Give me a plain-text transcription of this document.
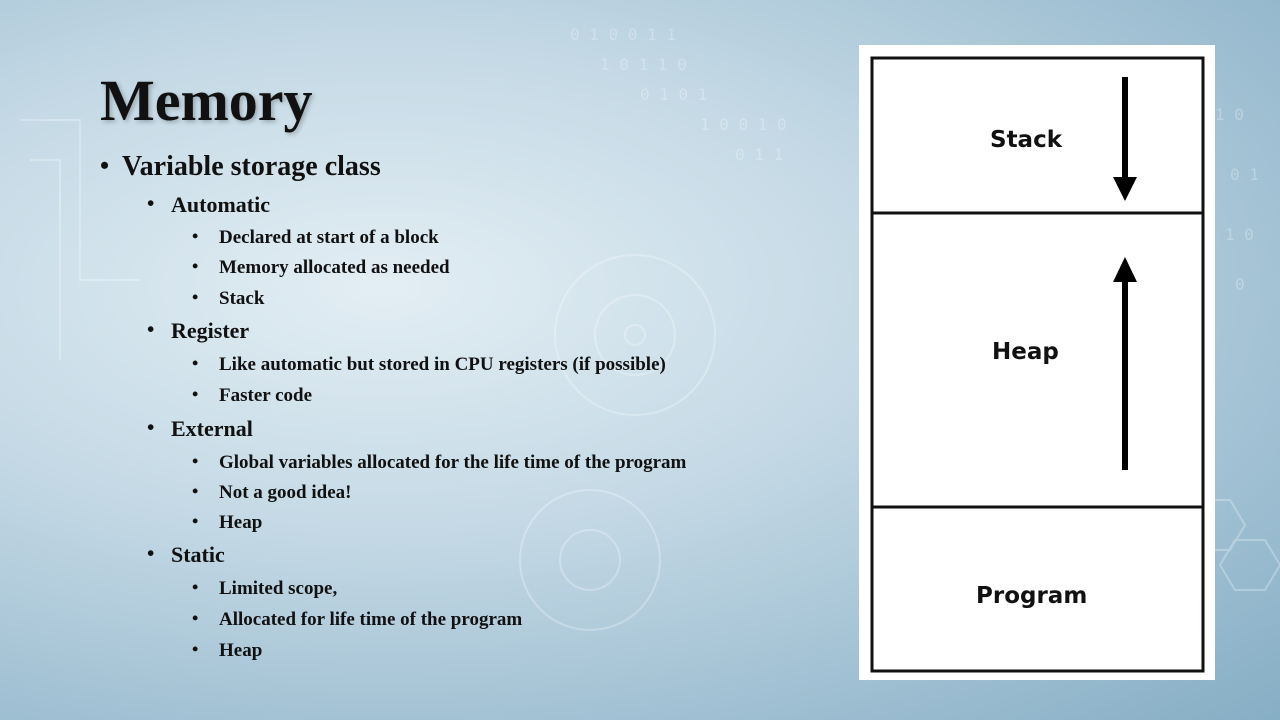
0 1 0 0 1 1
1 0 1 1 0
0 1 0 1
1 0 0 1 0
0 1 1
1 0
0 1
1 0
0
Memory
• Variable storage class
• Automatic
• Declared at start of a block
• Memory allocated as needed
• Stack
• Register
• Like automatic but stored in CPU registers (if possible)
• Faster code
• External
• Global variables allocated for the life time of the program
• Not a good idea!
• Heap
• Static
• Limited scope,
• Allocated for life time of the program
• Heap
Stack
Heap
Program
